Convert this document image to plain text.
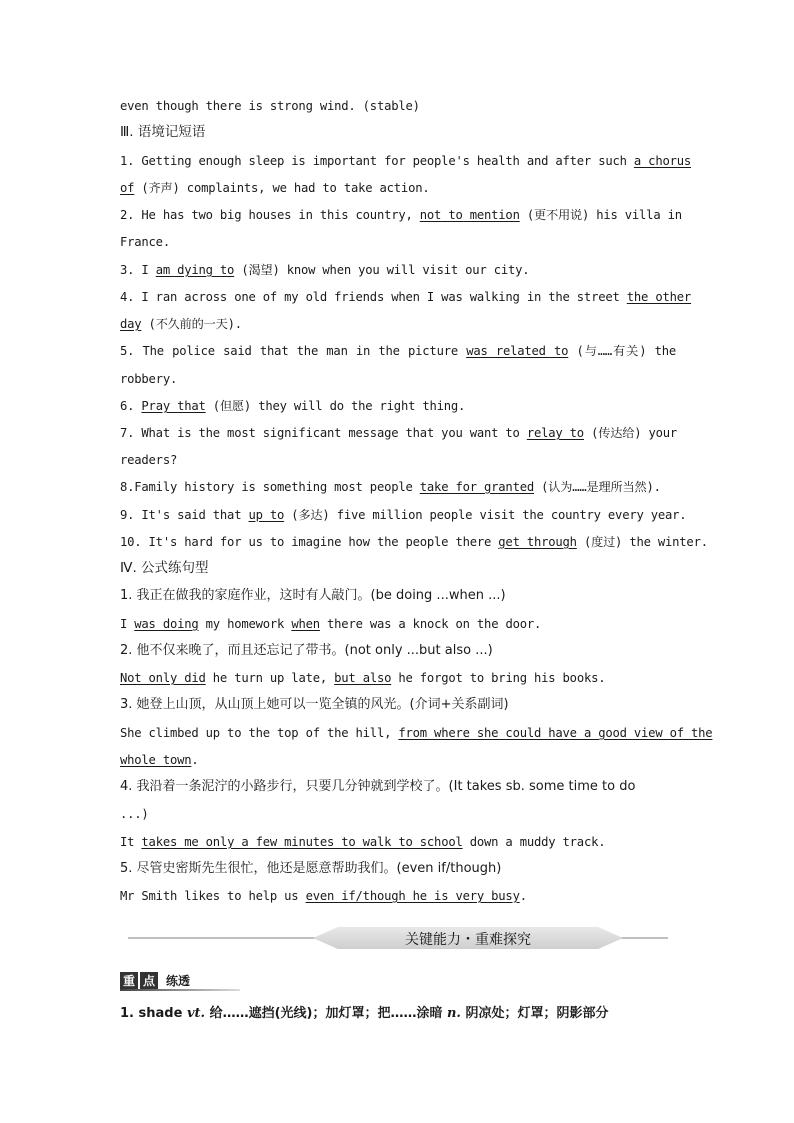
even though there is strong wind. (stable)
Ⅲ. 语境记短语
1. Getting enough sleep is important for people's health and after such a chorus
of (齐声) complaints, we had to take action.
2. He has two big houses in this country, not to mention (更不用说) his villa in
France.
3. I am dying to (渴望) know when you will visit our city.
4. I ran across one of my old friends when I was walking in the street the other
day (不久前的一天).
5. The police said that the man in the picture was related to (与……有关) the
robbery.
6. Pray that (但愿) they will do the right thing.
7. What is the most significant message that you want to relay to (传达给) your
readers?
8.Family history is something most people take for granted (认为……是理所当然).
9. It's said that up to (多达) five million people visit the country every year.
10. It's hard for us to imagine how the people there get through (度过) the winter.
Ⅳ. 公式练句型
1. 我正在做我的家庭作业，这时有人敲门。(be doing ...when ...)
I was doing my homework when there was a knock on the door.
2. 他不仅来晚了，而且还忘记了带书。(not only ...but also ...)
Not only did he turn up late, but also he forgot to bring his books.
3. 她登上山顶，从山顶上她可以一览全镇的风光。(介词+关系副词)
She climbed up to the top of the hill, from where she could have a good view of the
whole town.
4. 我沿着一条泥泞的小路步行，只要几分钟就到学校了。(It takes sb. some time to do
...)
It takes me only a few minutes to walk to school down a muddy track.
5. 尽管史密斯先生很忙，他还是愿意帮助我们。(even if/though)
Mr Smith likes to help us even if/though he is very busy.
关键能力・重难探究
重 点 练透
1. shade vt. 给……遮挡(光线)；加灯罩；把……涂暗 n. 阴凉处；灯罩；阴影部分
